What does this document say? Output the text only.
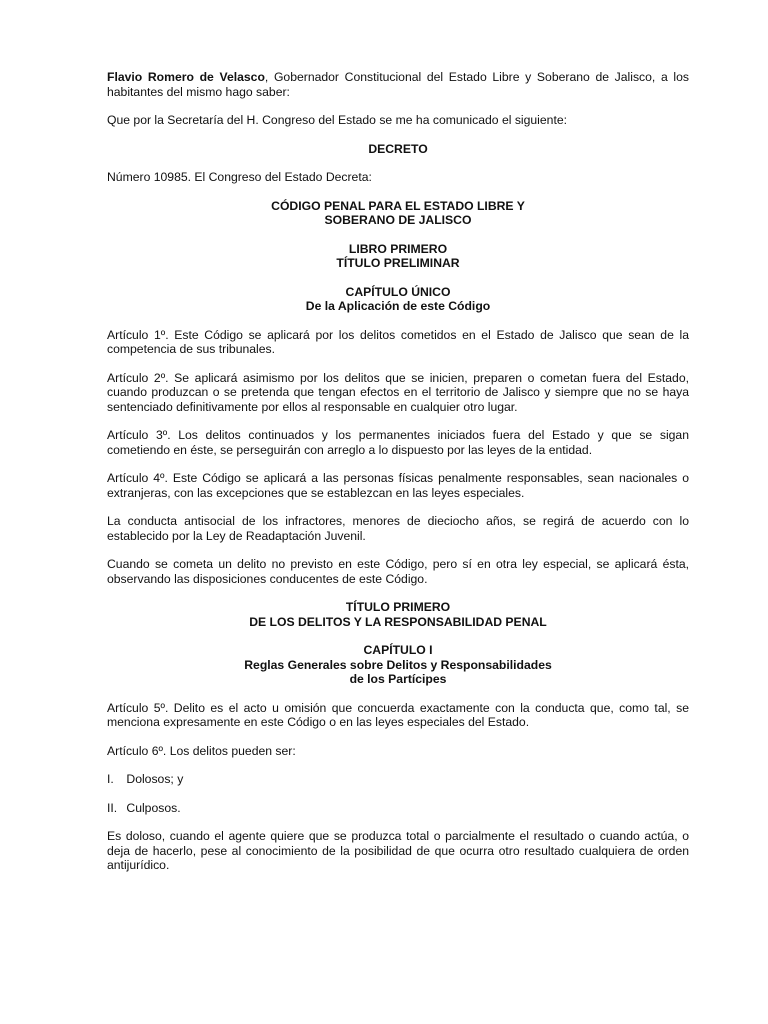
Flavio Romero de Velasco, Gobernador Constitucional del Estado Libre y Soberano de Jalisco, a los habitantes del mismo hago saber:

Que por la Secretaría del H. Congreso del Estado se me ha comunicado el siguiente:

DECRETO

Número 10985. El Congreso del Estado Decreta:

CÓDIGO PENAL PARA EL ESTADO LIBRE Y
SOBERANO DE JALISCO
LIBRO PRIMERO
TÍTULO PRELIMINAR
CAPÍTULO ÚNICO
De la Aplicación de este Código

Artículo 1º. Este Código se aplicará por los delitos cometidos en el Estado de Jalisco que sean de la competencia de sus tribunales.

Artículo 2º. Se aplicará asimismo por los delitos que se inicien, preparen o cometan fuera del Estado, cuando produzcan o se pretenda que tengan efectos en el territorio de Jalisco y siempre que no se haya sentenciado definitivamente por ellos al responsable en cualquier otro lugar.

Artículo 3º. Los delitos continuados y los permanentes iniciados fuera del Estado y que se sigan cometiendo en éste, se perseguirán con arreglo a lo dispuesto por las leyes de la entidad.

Artículo 4º. Este Código se aplicará a las personas físicas penalmente responsables, sean nacionales o extranjeras, con las excepciones que se establezcan en las leyes especiales.

La conducta antisocial de los infractores, menores de dieciocho años, se regirá de acuerdo con lo establecido por la Ley de Readaptación Juvenil.

Cuando se cometa un delito no previsto en este Código, pero sí en otra ley especial, se aplicará ésta, observando las disposiciones conducentes de este Código.

TÍTULO PRIMERO
DE LOS DELITOS Y LA RESPONSABILIDAD PENAL
CAPÍTULO I
Reglas Generales sobre Delitos y Responsabilidades
de los Partícipes

Artículo 5º. Delito es el acto u omisión que concuerda exactamente con la conducta que, como tal, se menciona expresamente en este Código o en las leyes especiales del Estado.

Artículo 6º. Los delitos pueden ser:

I. Dolosos; y
II. Culposos.

Es doloso, cuando el agente quiere que se produzca total o parcialmente el resultado o cuando actúa, o deja de hacerlo, pese al conocimiento de la posibilidad de que ocurra otro resultado cualquiera de orden antijurídico.
